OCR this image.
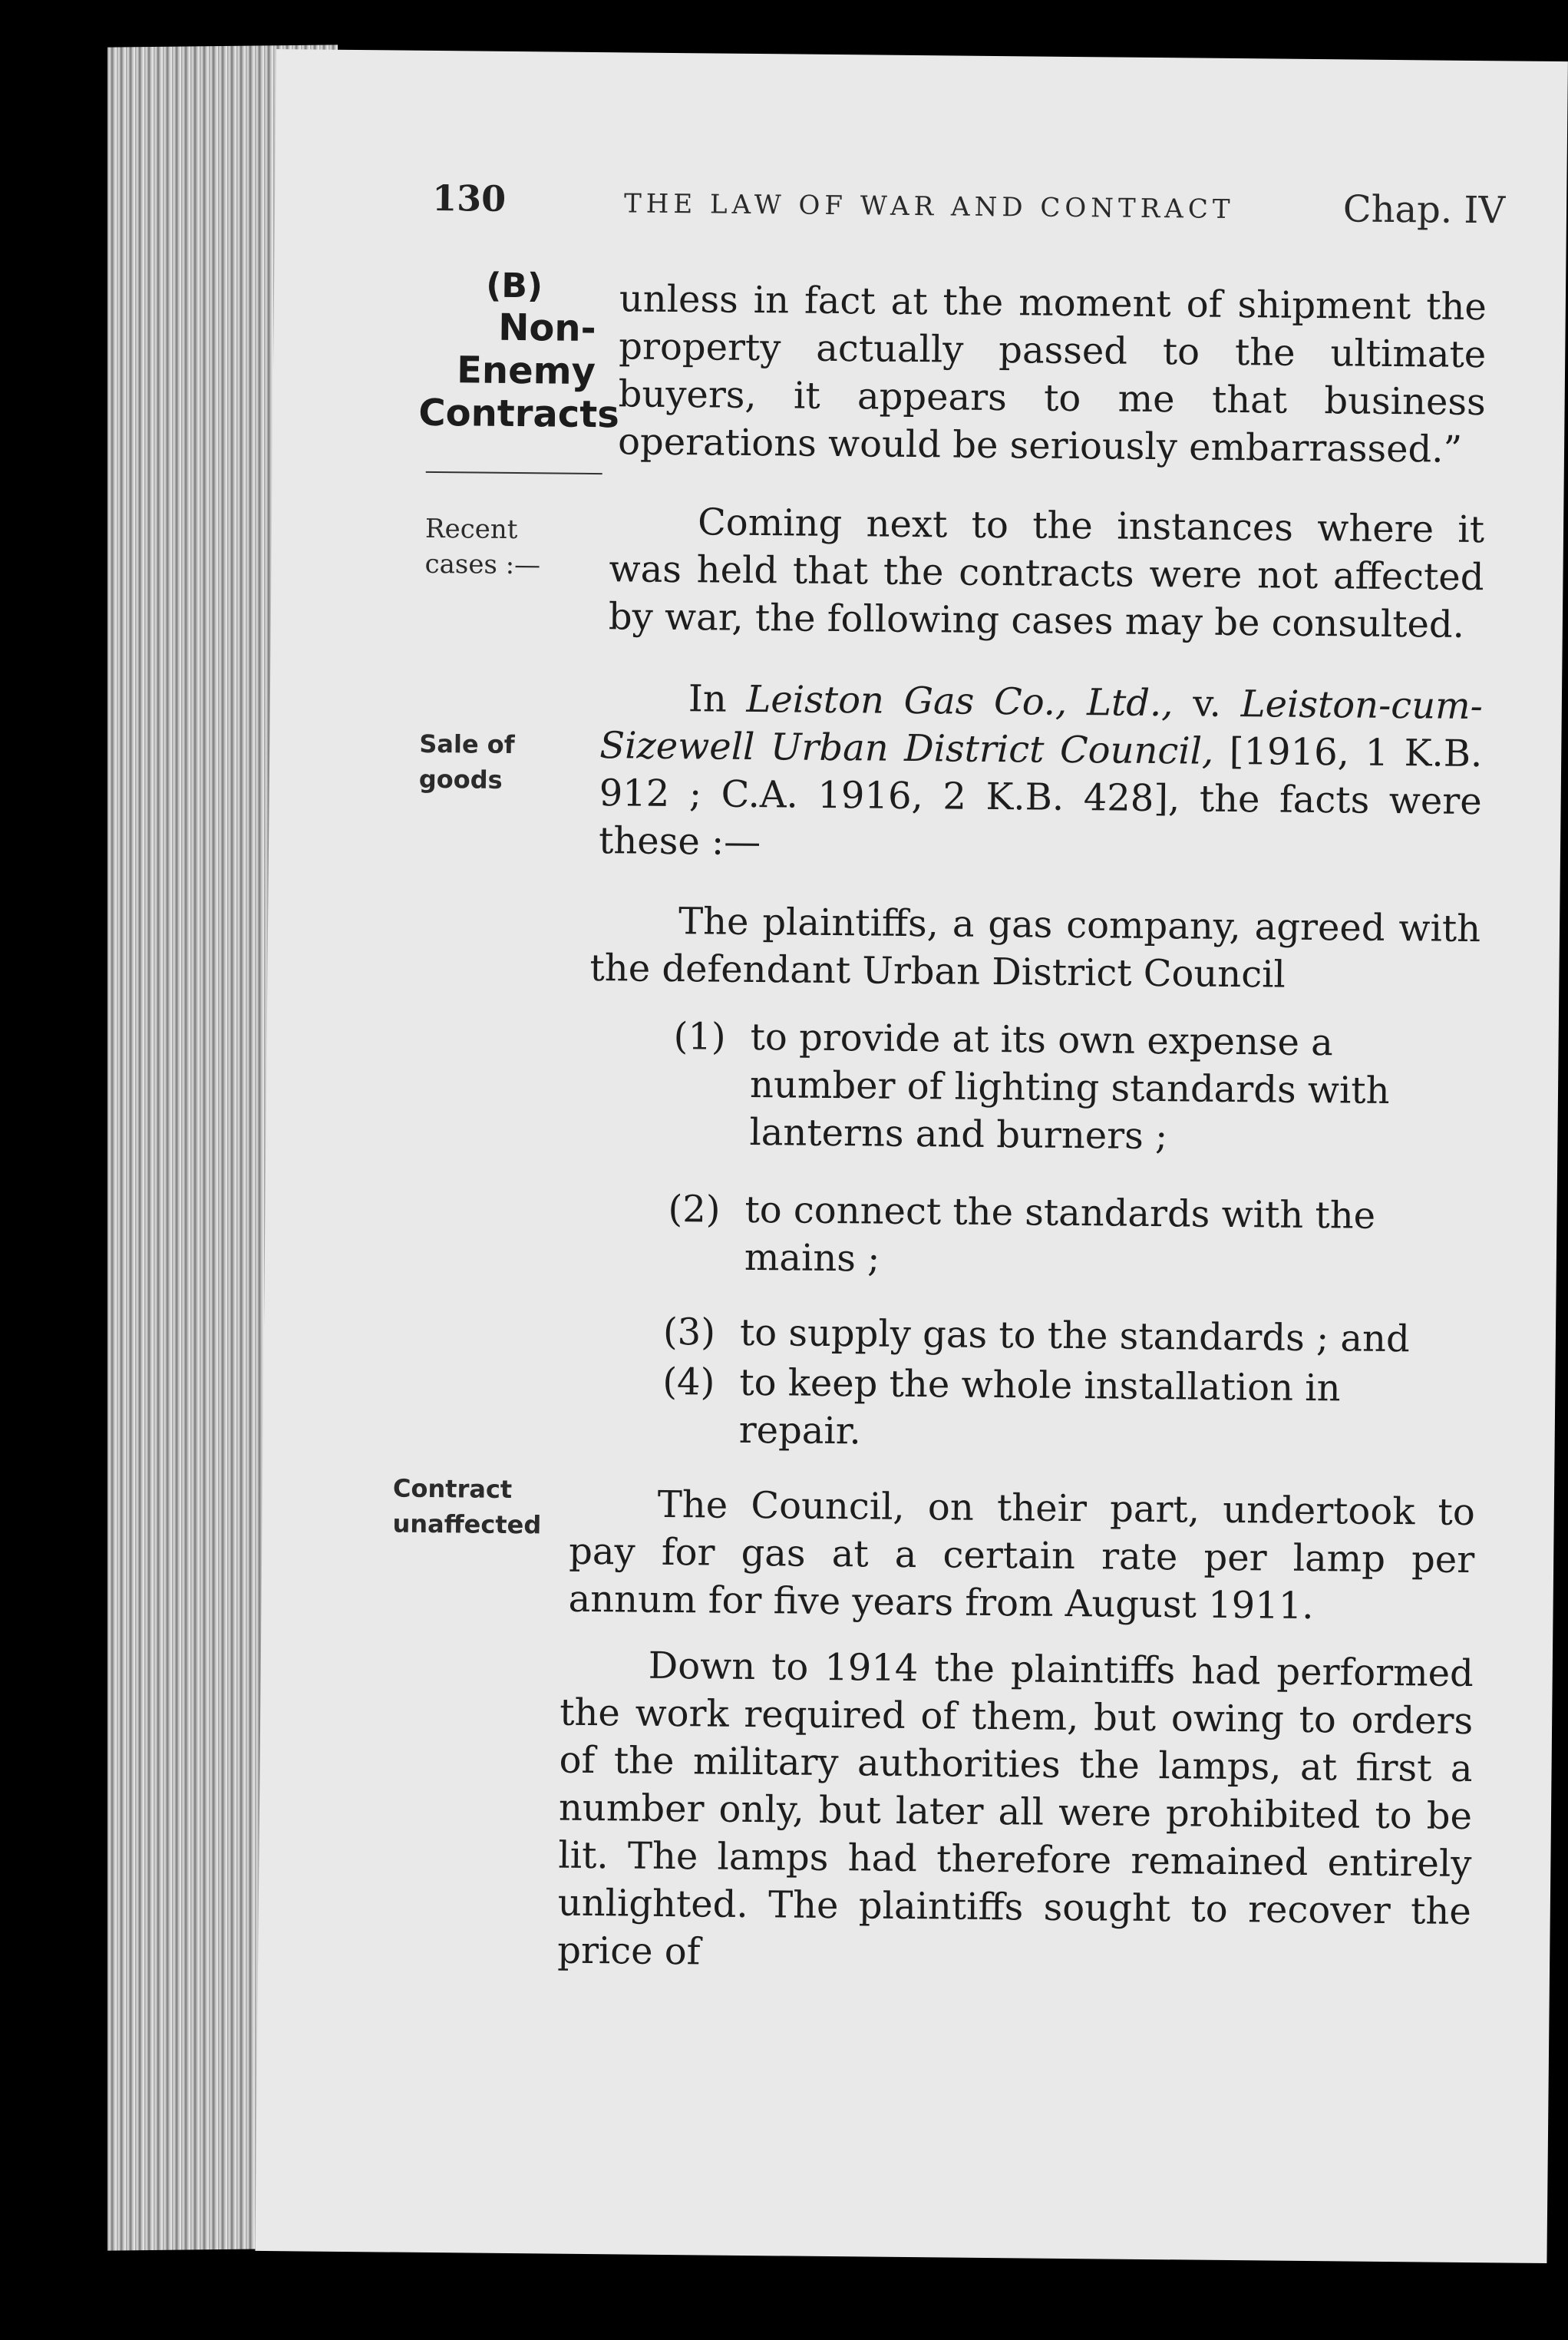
130	THE LAW OF WAR AND CONTRACT	Chap. IV
(B)
Non-
Enemy
Contracts
Recent
cases :—
Sale of
goods
Contract
unaffected
unless in fact at the moment of shipment the property actually passed to the ultimate buyers, it appears to me that business operations would be seriously embarrassed.”
Coming next to the instances where it was held that the contracts were not affected by war, the following cases may be consulted.
In Leiston Gas Co., Ltd., v. Leiston-cum-Sizewell Urban District Council, [1916, 1 K.B. 912 ; C.A. 1916, 2 K.B. 428], the facts were these :—
The plaintiffs, a gas company, agreed with the defendant Urban District Council
(1) to provide at its own expense a number of lighting standards with lanterns and burners ;
(2) to connect the standards with the mains ;
(3) to supply gas to the standards ; and
(4) to keep the whole installation in repair.
The Council, on their part, undertook to pay for gas at a certain rate per lamp per annum for five years from August 1911.
Down to 1914 the plaintiffs had performed the work required of them, but owing to orders of the military authorities the lamps, at first a number only, but later all were prohibited to be lit. The lamps had therefore remained entirely unlighted. The plaintiffs sought to recover the price of
